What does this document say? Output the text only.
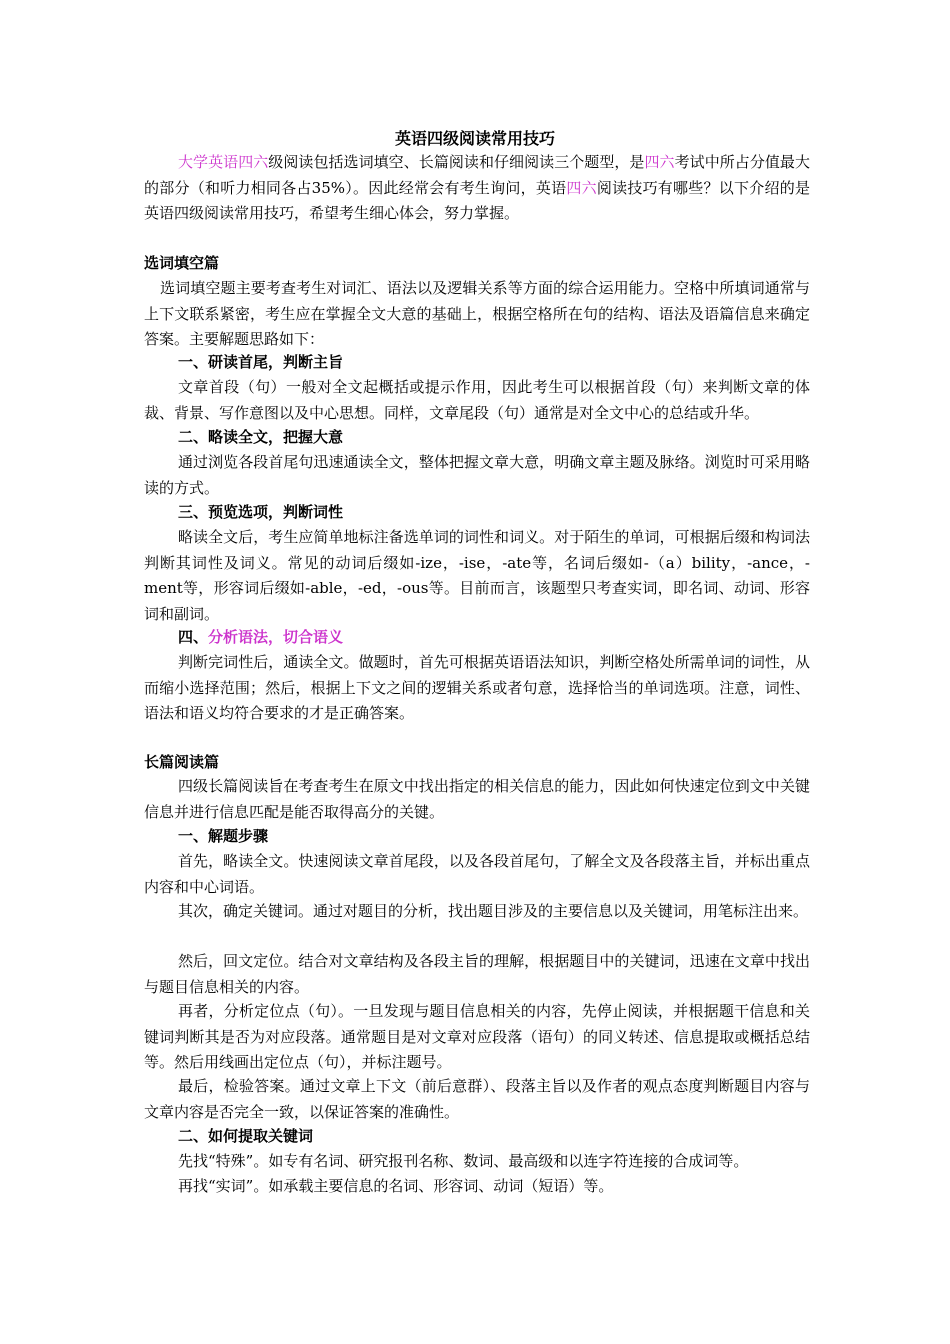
英语四级阅读常用技巧

大学英语四六级阅读包括选词填空、长篇阅读和仔细阅读三个题型，是四六考试中所占分值最大的部分（和听力相同各占35%）。因此经常会有考生询问，英语四六阅读技巧有哪些？以下介绍的是英语四级阅读常用技巧，希望考生细心体会，努力掌握。

选词填空篇

选词填空题主要考查考生对词汇、语法以及逻辑关系等方面的综合运用能力。空格中所填词通常与上下文联系紧密，考生应在掌握全文大意的基础上，根据空格所在句的结构、语法及语篇信息来确定答案。主要解题思路如下：

一、研读首尾，判断主旨

文章首段（句）一般对全文起概括或提示作用，因此考生可以根据首段（句）来判断文章的体裁、背景、写作意图以及中心思想。同样，文章尾段（句）通常是对全文中心的总结或升华。

二、略读全文，把握大意

通过浏览各段首尾句迅速通读全文，整体把握文章大意，明确文章主题及脉络。浏览时可采用略读的方式。

三、预览选项，判断词性

略读全文后，考生应简单地标注备选单词的词性和词义。对于陌生的单词，可根据后缀和构词法判断其词性及词义。常见的动词后缀如-ize，-ise，-ate等，名词后缀如-（a）bility，-ance，-ment等，形容词后缀如-able，-ed，-ous等。目前而言，该题型只考查实词，即名词、动词、形容词和副词。

四、分析语法，切合语义

判断完词性后，通读全文。做题时，首先可根据英语语法知识，判断空格处所需单词的词性，从而缩小选择范围；然后，根据上下文之间的逻辑关系或者句意，选择恰当的单词选项。注意，词性、语法和语义均符合要求的才是正确答案。

长篇阅读篇

四级长篇阅读旨在考查考生在原文中找出指定的相关信息的能力，因此如何快速定位到文中关键信息并进行信息匹配是能否取得高分的关键。

一、解题步骤

首先，略读全文。快速阅读文章首尾段，以及各段首尾句，了解全文及各段落主旨，并标出重点内容和中心词语。

其次，确定关键词。通过对题目的分析，找出题目涉及的主要信息以及关键词，用笔标注出来。

然后，回文定位。结合对文章结构及各段主旨的理解，根据题目中的关键词，迅速在文章中找出与题目信息相关的内容。

再者，分析定位点（句）。一旦发现与题目信息相关的内容，先停止阅读，并根据题干信息和关键词判断其是否为对应段落。通常题目是对文章对应段落（语句）的同义转述、信息提取或概括总结等。然后用线画出定位点（句），并标注题号。

最后，检验答案。通过文章上下文（前后意群）、段落主旨以及作者的观点态度判断题目内容与文章内容是否完全一致，以保证答案的准确性。

二、如何提取关键词

先找“特殊”。如专有名词、研究报刊名称、数词、最高级和以连字符连接的合成词等。

再找“实词”。如承载主要信息的名词、形容词、动词（短语）等。
